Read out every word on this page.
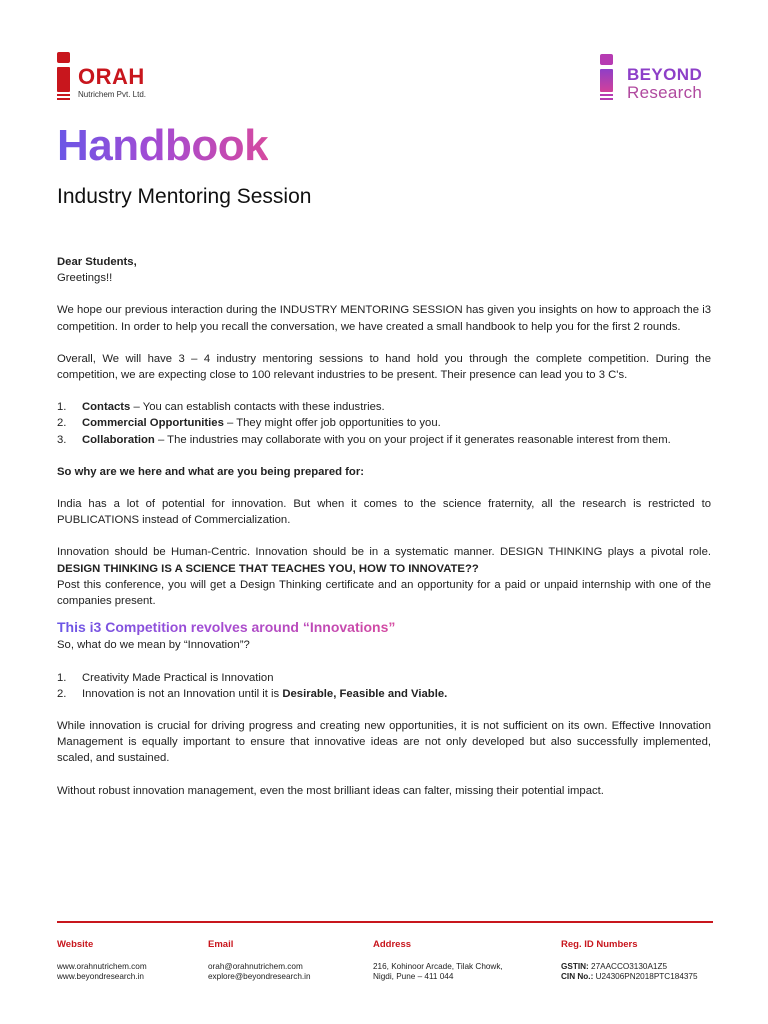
ORAH
Nutrichem Pvt. Ltd.
BEYOND
Research
Handbook
Industry Mentoring Session

Dear Students,

Greetings!!

We hope our previous interaction during the INDUSTRY MENTORING SESSION has given you insights on how to approach the i3 competition. In order to help you recall the conversation, we have created a small handbook to help you for the first 2 rounds.

Overall, We will have 3 – 4 industry mentoring sessions to hand hold you through the complete competition. During the competition, we are expecting close to 100 relevant industries to be present. Their presence can lead you to 3 C's.

1.	Contacts – You can establish contacts with these industries.
2.	Commercial Opportunities – They might offer job opportunities to you.
3.	Collaboration – The industries may collaborate with you on your project if it generates reasonable interest from them.

So why are we here and what are you being prepared for:

India has a lot of potential for innovation. But when it comes to the science fraternity, all the research is restricted to PUBLICATIONS instead of Commercialization.

Innovation should be Human-Centric. Innovation should be in a systematic manner. DESIGN THINKING plays a pivotal role. DESIGN THINKING IS A SCIENCE THAT TEACHES YOU, HOW TO INNOVATE??

Post this conference, you will get a Design Thinking certificate and an opportunity for a paid or unpaid internship with one of the companies present.

This i3 Competition revolves around “Innovations”

So, what do we mean by “Innovation”?

1.	Creativity Made Practical is Innovation
2.	Innovation is not an Innovation until it is Desirable, Feasible and Viable.

While innovation is crucial for driving progress and creating new opportunities, it is not sufficient on its own. Effective Innovation Management is equally important to ensure that innovative ideas are not only developed but also successfully implemented, scaled, and sustained.

Without robust innovation management, even the most brilliant ideas can falter, missing their potential impact.

Website
www.orahnutrichem.com
www.beyondresearch.in
Email
orah@orahnutrichem.com
explore@beyondresearch.in
Address
216, Kohinoor Arcade, Tilak Chowk,
Nigdi, Pune – 411 044
Reg. ID Numbers
GSTIN: 27AACCO3130A1Z5
CIN No.: U24306PN2018PTC184375
